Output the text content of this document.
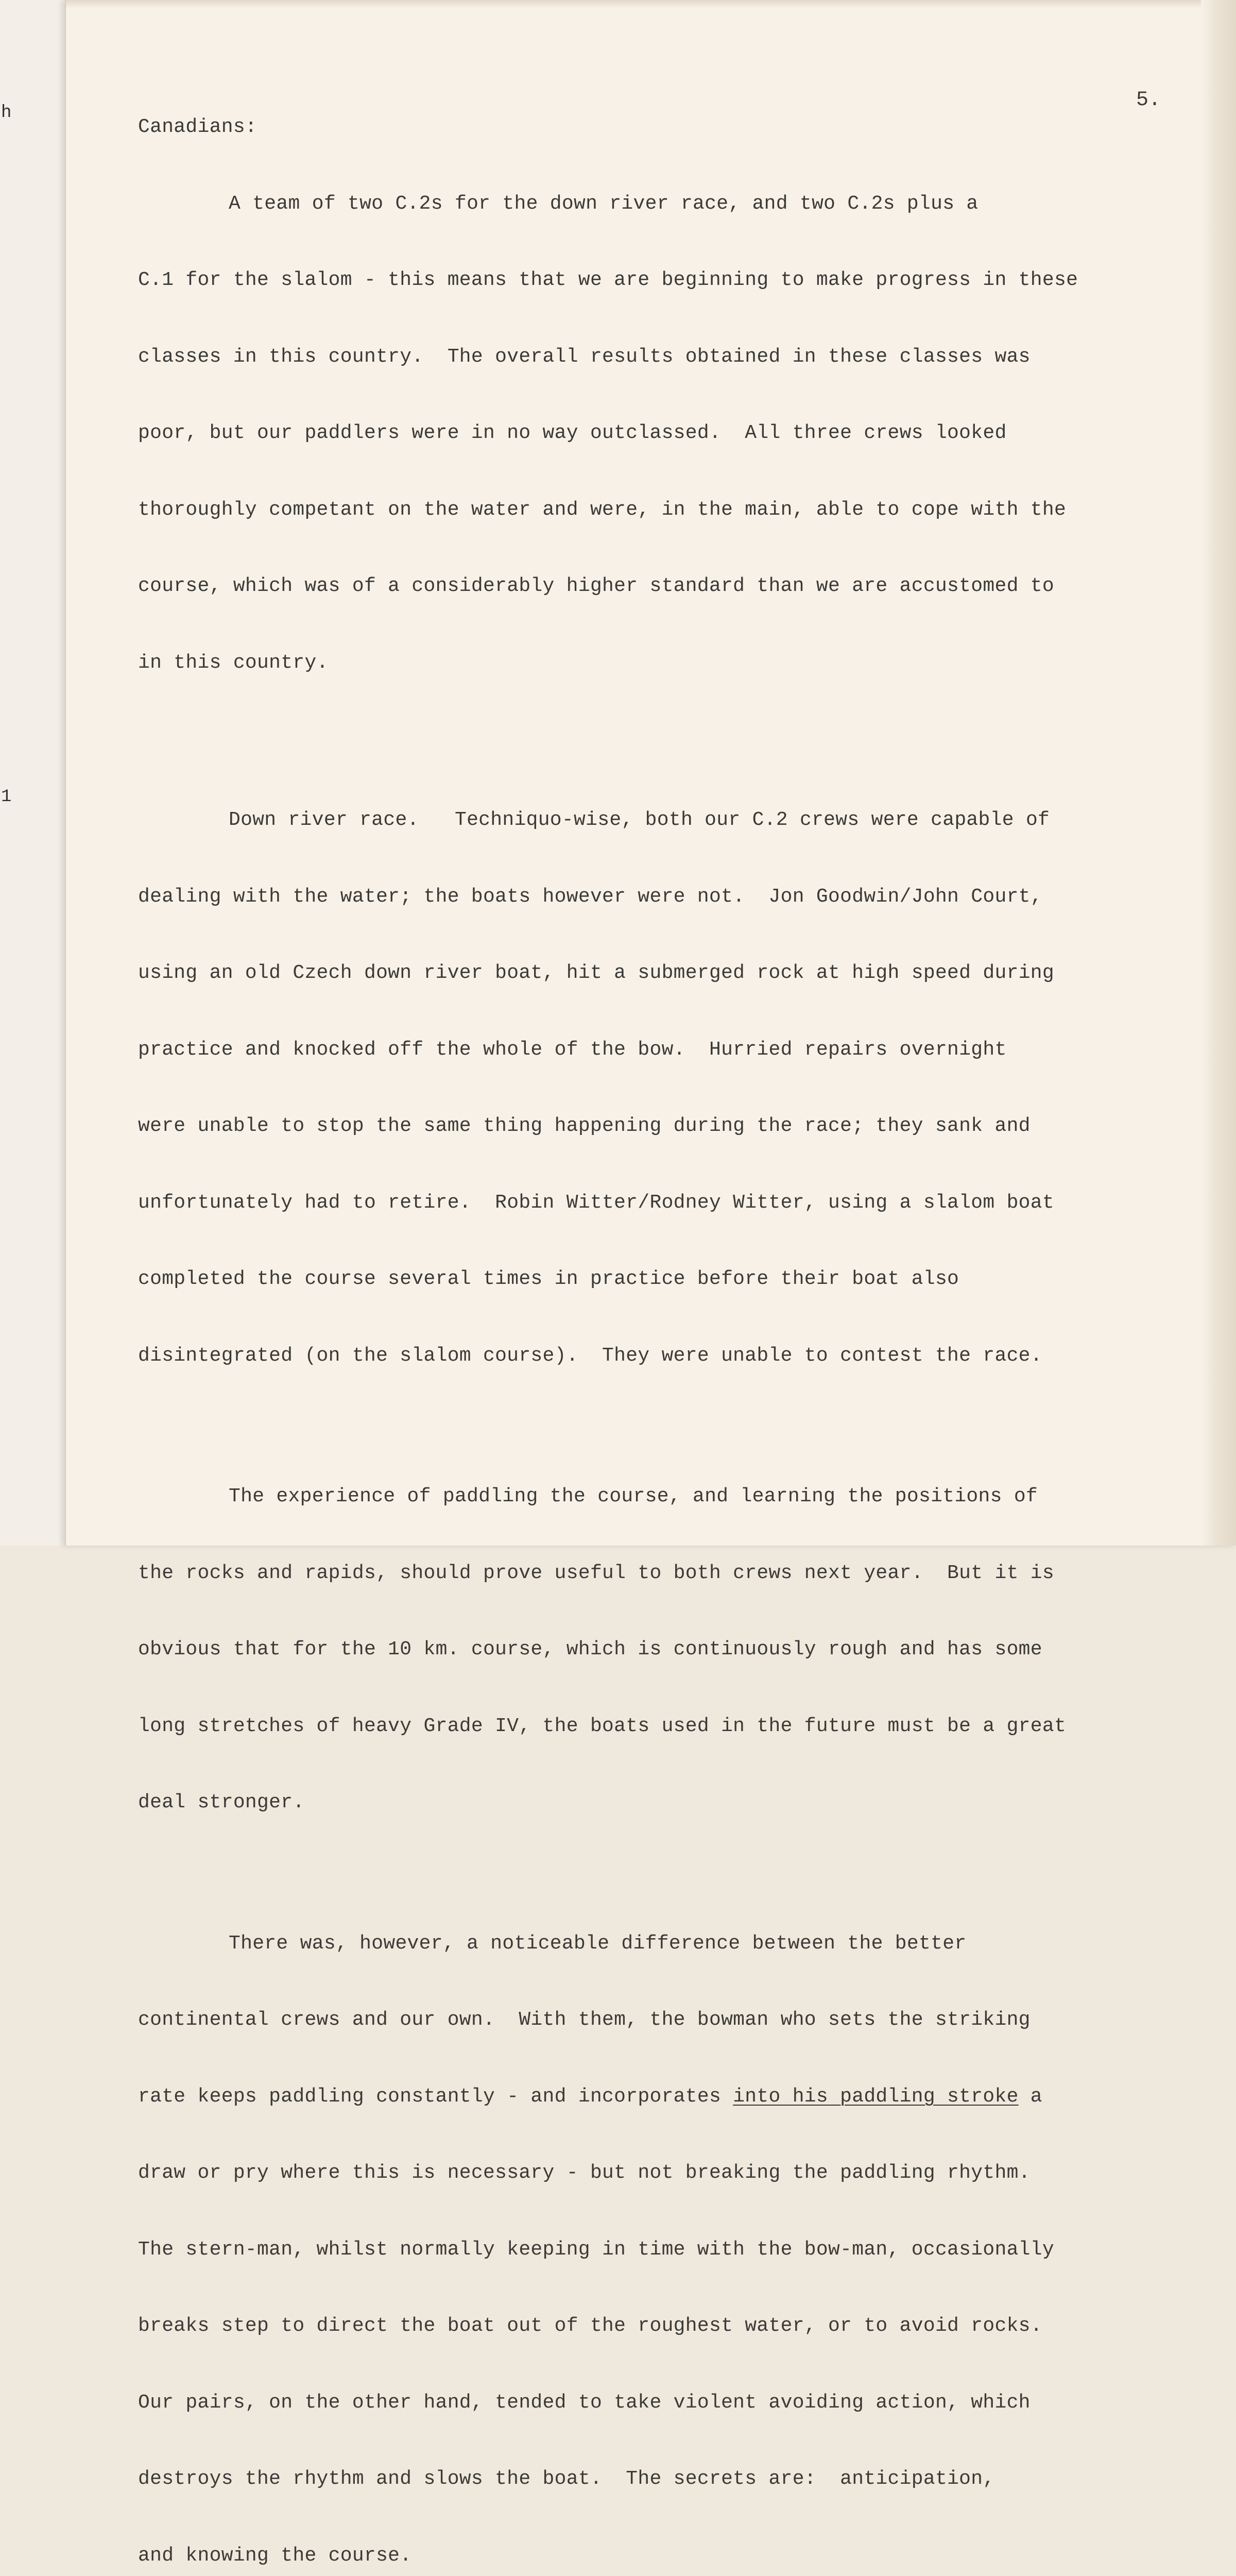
h
1
5.

Canadians:

A team of two C.2s for the down river race, and two C.2s plus a

C.1 for the slalom - this means that we are beginning to make progress in these

classes in this country.  The overall results obtained in these classes was

poor, but our paddlers were in no way outclassed.  All three crews looked

thoroughly competant on the water and were, in the main, able to cope with the

course, which was of a considerably higher standard than we are accustomed to

in this country.

Down river race.   Techniquo-wise, both our C.2 crews were capable of

dealing with the water; the boats however were not.  Jon Goodwin/John Court,

using an old Czech down river boat, hit a submerged rock at high speed during

practice and knocked off the whole of the bow.  Hurried repairs overnight

were unable to stop the same thing happening during the race; they sank and

unfortunately had to retire.  Robin Witter/Rodney Witter, using a slalom boat

completed the course several times in practice before their boat also

disintegrated (on the slalom course).  They were unable to contest the race.

The experience of paddling the course, and learning the positions of

the rocks and rapids, should prove useful to both crews next year.  But it is

obvious that for the 10 km. course, which is continuously rough and has some

long stretches of heavy Grade IV, the boats used in the future must be a great

deal stronger.

There was, however, a noticeable difference between the better

continental crews and our own.  With them, the bowman who sets the striking

rate keeps paddling constantly - and incorporates into his paddling stroke a

draw or pry where this is necessary - but not breaking the paddling rhythm.

The stern-man, whilst normally keeping in time with the bow-man, occasionally

breaks step to direct the boat out of the roughest water, or to avoid rocks.

Our pairs, on the other hand, tended to take violent avoiding action, which

destroys the rhythm and slows the boat.  The secrets are:  anticipation,

and knowing the course.
